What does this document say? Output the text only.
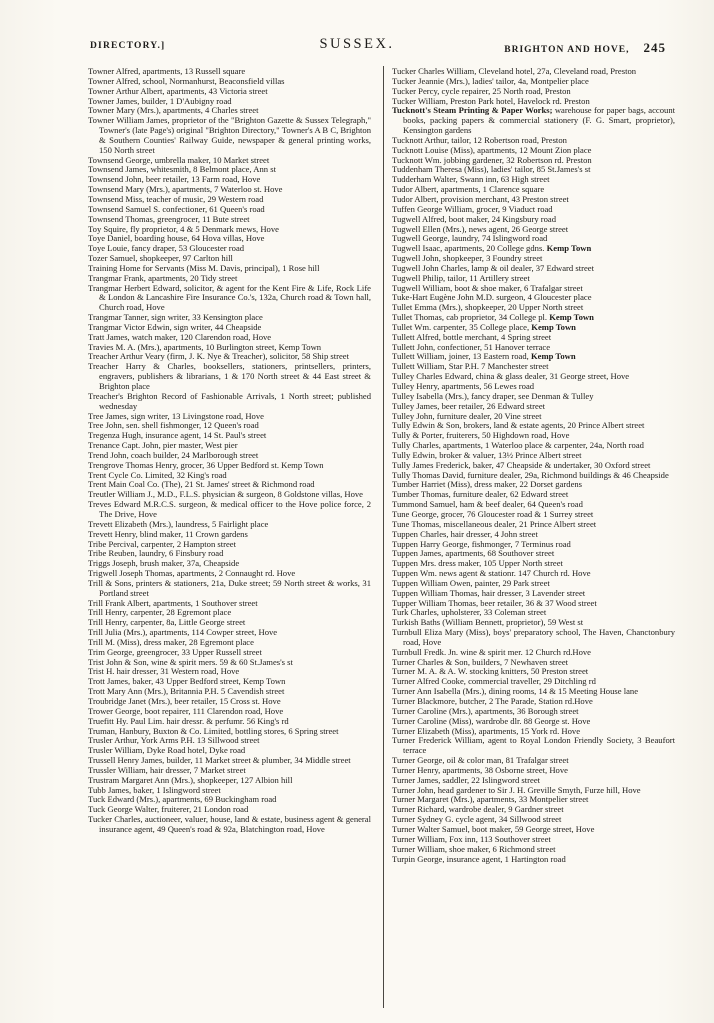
DIRECTORY.]	SUSSEX.	BRIGHTON AND HOVE, 245
Towner Alfred, apartments, 13 Russell square
Towner Alfred, school, Normanhurst, Beaconsfield villas
Towner Arthur Albert, apartments, 43 Victoria street
Towner James, builder, 1 D'Aubigny road
Towner Mary (Mrs.), apartments, 4 Charles street
Towner William James, proprietor of the "Brighton Gazette & Sussex Telegraph," Towner's (late Page's) original "Brighton Directory," Towner's A B C, Brighton & Southern Counties' Railway Guide, newspaper & general printing works, 150 North street
Townsend George, umbrella maker, 10 Market street
Townsend James, whitesmith, 8 Belmont place, Ann st
Townsend John, beer retailer, 13 Farm road, Hove
Townsend Mary (Mrs.), apartments, 7 Waterloo st. Hove
Townsend Miss, teacher of music, 29 Western road
Townsend Samuel S. confectioner, 61 Queen's road
Townsend Thomas, greengrocer, 11 Bute street
Toy Squire, fly proprietor, 4 & 5 Denmark mews, Hove
Toye Daniel, boarding house, 64 Hova villas, Hove
Toye Louie, fancy draper, 53 Gloucester road
Tozer Samuel, shopkeeper, 97 Carlton hill
Training Home for Servants (Miss M. Davis, principal), 1 Rose hill
Trangmar Frank, apartments, 20 Tidy street
Trangmar Herbert Edward, solicitor, & agent for the Kent Fire & Life, Rock Life & London & Lancashire Fire Insurance Co.'s, 132a, Church road & Town hall, Church road, Hove
Trangmar Tanner, sign writer, 33 Kensington place
Trangmar Victor Edwin, sign writer, 44 Cheapside
Tratt James, watch maker, 120 Clarendon road, Hove
Travies M. A. (Mrs.), apartments, 10 Burlington street, Kemp Town
Treacher Arthur Veary (firm, J. K. Nye & Treacher), solicitor, 58 Ship street
Treacher Harry & Charles, booksellers, stationers, printsellers, printers, engravers, publishers & librarians, 1 & 170 North street & 44 East street & Brighton place
Treacher's Brighton Record of Fashionable Arrivals, 1 North street; published wednesday
Tree James, sign writer, 13 Livingstone road, Hove
Tree John, sen. shell fishmonger, 12 Queen's road
Tregenza Hugh, insurance agent, 14 St. Paul's street
Trenance Capt. John, pier master, West pier
Trend John, coach builder, 24 Marlborough street
Trengrove Thomas Henry, grocer, 36 Upper Bedford st. Kemp Town
Trent Cycle Co. Limited, 32 King's road
Trent Main Coal Co. (The), 21 St. James' street & Richmond road
Treutler William J., M.D., F.L.S. physician & surgeon, 8 Goldstone villas, Hove
Treves Edward M.R.C.S. surgeon, & medical officer to the Hove police force, 2 The Drive, Hove
Trevett Elizabeth (Mrs.), laundress, 5 Fairlight place
Trevett Henry, blind maker, 11 Crown gardens
Tribe Percival, carpenter, 2 Hampton street
Tribe Reuben, laundry, 6 Finsbury road
Triggs Joseph, brush maker, 37a, Cheapside
Trigwell Joseph Thomas, apartments, 2 Connaught rd. Hove
Trill & Sons, printers & stationers, 21a, Duke street; 59 North street & works, 31 Portland street
Trill Frank Albert, apartments, 1 Southover street
Trill Henry, carpenter, 28 Egremont place
Trill Henry, carpenter, 8a, Little George street
Trill Julia (Mrs.), apartments, 114 Cowper street, Hove
Trill M. (Miss), dress maker, 28 Egremont place
Trim George, greengrocer, 33 Upper Russell street
Trist John & Son, wine & spirit mers. 59 & 60 St.James's st
Trist H. hair dresser, 31 Western road, Hove
Trott James, baker, 43 Upper Bedford street, Kemp Town
Trott Mary Ann (Mrs.), Britannia P.H. 5 Cavendish street
Troubridge Janet (Mrs.), beer retailer, 15 Cross st. Hove
Trower George, boot repairer, 111 Clarendon road, Hove
Truefitt Hy. Paul Lim. hair dressr. & perfumr. 56 King's rd
Truman, Hanbury, Buxton & Co. Limited, bottling stores, 6 Spring street
Trusler Arthur, York Arms P.H. 13 Sillwood street
Trusler William, Dyke Road hotel, Dyke road
Trussell Henry James, builder, 11 Market street & plumber, 34 Middle street
Trussler William, hair dresser, 7 Market street
Trustram Margaret Ann (Mrs.), shopkeeper, 127 Albion hill
Tubb James, baker, 1 Islingword street
Tuck Edward (Mrs.), apartments, 69 Buckingham road
Tuck George Walter, fruiterer, 21 London road
Tucker Charles, auctioneer, valuer, house, land & estate, business agent & general insurance agent, 49 Queen's road & 92a, Blatchington road, Hove
Tucker Charles William, Cleveland hotel, 27a, Cleveland road, Preston
Tucker Jeannie (Mrs.), ladies' tailor, 4a, Montpelier place
Tucker Percy, cycle repairer, 25 North road, Preston
Tucker William, Preston Park hotel, Havelock rd. Preston
Tucknott's Steam Printing & Paper Works; warehouse for paper bags, account books, packing papers & commercial stationery (F. G. Smart, proprietor), Kensington gardens
Tucknott Arthur, tailor, 12 Robertson road, Preston
Tucknott Louise (Miss), apartments, 12 Mount Zion place
Tucknott Wm. jobbing gardener, 32 Robertson rd. Preston
Tuddenham Theresa (Miss), ladies' tailor, 85 St.James's st
Tudderham Walter, Swann inn, 63 High street
Tudor Albert, apartments, 1 Clarence square
Tudor Albert, provision merchant, 43 Preston street
Tuffen George William, grocer, 9 Viaduct road
Tugwell Alfred, boot maker, 24 Kingsbury road
Tugwell Ellen (Mrs.), news agent, 26 George street
Tugwell George, laundry, 74 Islingword road
Tugwell Isaac, apartments, 20 College gdns. Kemp Town
Tugwell John, shopkeeper, 3 Foundry street
Tugwell John Charles, lamp & oil dealer, 37 Edward street
Tugwell Philip, tailor, 11 Artillery street
Tugwell William, boot & shoe maker, 6 Trafalgar street
Tuke-Hart Eugène John M.D. surgeon, 4 Gloucester place
Tullet Emma (Mrs.), shopkeeper, 20 Upper North street
Tullet Thomas, cab proprietor, 34 College pl. Kemp Town
Tullet Wm. carpenter, 35 College place, Kemp Town
Tullett Alfred, bottle merchant, 4 Spring street
Tullett John, confectioner, 51 Hanover terrace
Tullett William, joiner, 13 Eastern road, Kemp Town
Tullett William, Star P.H. 7 Manchester street
Tulley Charles Edward, china & glass dealer, 31 George street, Hove
Tulley Henry, apartments, 56 Lewes road
Tulley Isabella (Mrs.), fancy draper, see Denman & Tulley
Tulley James, beer retailer, 26 Edward street
Tulley John, furniture dealer, 20 Vine street
Tully Edwin & Son, brokers, land & estate agents, 20 Prince Albert street
Tully & Porter, fruiterers, 50 Highdown road, Hove
Tully Charles, apartments, 1 Waterloo place & carpenter, 24a, North road
Tully Edwin, broker & valuer, 13½ Prince Albert street
Tully James Frederick, baker, 47 Cheapside & undertaker, 30 Oxford street
Tully Thomas David, furniture dealer, 29a, Richmond buildings & 46 Cheapside
Tumber Harriet (Miss), dress maker, 22 Dorset gardens
Tumber Thomas, furniture dealer, 62 Edward street
Tummond Samuel, ham & beef dealer, 64 Queen's road
Tune George, grocer, 76 Gloucester road & 1 Surrey street
Tune Thomas, miscellaneous dealer, 21 Prince Albert street
Tuppen Charles, hair dresser, 4 John street
Tuppen Harry George, fishmonger, 7 Terminus road
Tuppen James, apartments, 68 Southover street
Tuppen Mrs. dress maker, 105 Upper North street
Tuppen Wm. news agent & stationr. 147 Church rd. Hove
Tuppen William Owen, painter, 29 Park street
Tuppen William Thomas, hair dresser, 3 Lavender street
Tupper William Thomas, beer retailer, 36 & 37 Wood street
Turk Charles, upholsterer, 33 Coleman street
Turkish Baths (William Bennett, proprietor), 59 West st
Turnbull Eliza Mary (Miss), boys' preparatory school, The Haven, Chanctonbury road, Hove
Turnbull Fredk. Jn. wine & spirit mer. 12 Church rd.Hove
Turner Charles & Son, builders, 7 Newhaven street
Turner M. A. & A. W. stocking knitters, 50 Preston street
Turner Alfred Cooke, commercial traveller, 29 Ditchling rd
Turner Ann Isabella (Mrs.), dining rooms, 14 & 15 Meeting House lane
Turner Blackmore, butcher, 2 The Parade, Station rd.Hove
Turner Caroline (Mrs.), apartments, 36 Borough street
Turner Caroline (Miss), wardrobe dlr. 88 George st. Hove
Turner Elizabeth (Miss), apartments, 15 York rd. Hove
Turner Frederick William, agent to Royal London Friendly Society, 3 Beaufort terrace
Turner George, oil & color man, 81 Trafalgar street
Turner Henry, apartments, 38 Osborne street, Hove
Turner James, saddler, 22 Islingword street
Turner John, head gardener to Sir J. H. Greville Smyth, Furze hill, Hove
Turner Margaret (Mrs.), apartments, 33 Montpelier street
Turner Richard, wardrobe dealer, 9 Gardner street
Turner Sydney G. cycle agent, 34 Sillwood street
Turner Walter Samuel, boot maker, 59 George street, Hove
Turner William, Fox inn, 113 Southover street
Turner William, shoe maker, 6 Richmond street
Turpin George, insurance agent, 1 Hartington road
